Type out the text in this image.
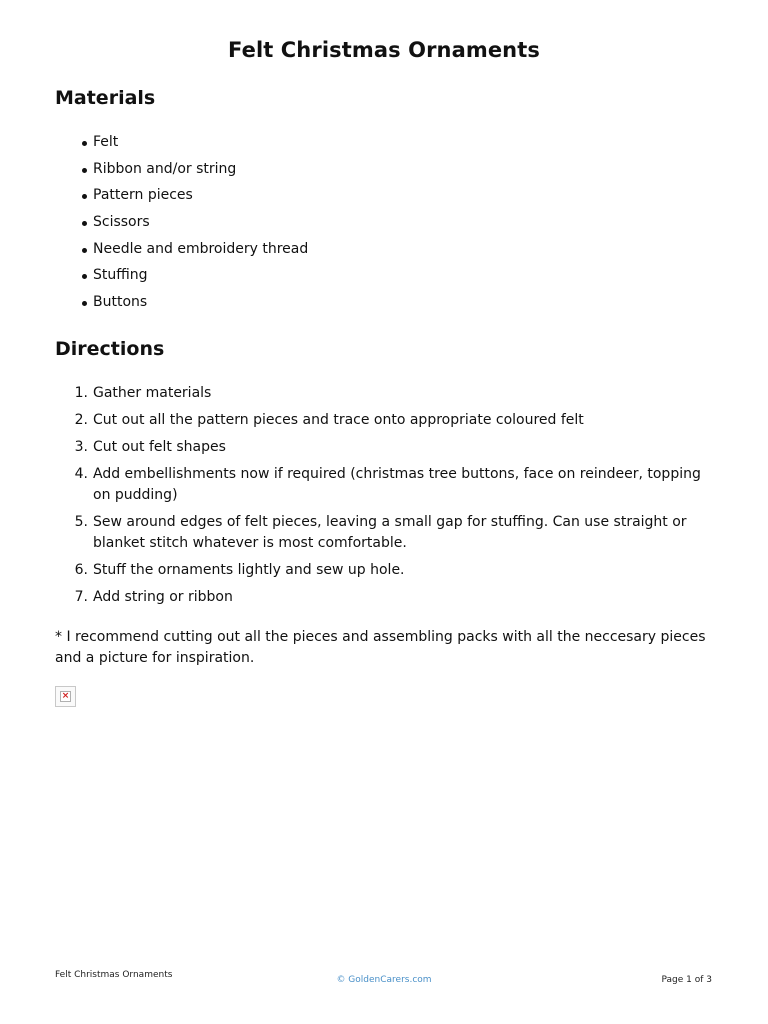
Felt Christmas Ornaments
Materials
Felt
Ribbon and/or string
Pattern pieces
Scissors
Needle and embroidery thread
Stuffing
Buttons
Directions
1. Gather materials
2. Cut out all the pattern pieces and trace onto appropriate coloured felt
3. Cut out felt shapes
4. Add embellishments now if required (christmas tree buttons, face on reindeer, topping on pudding)
5. Sew around edges of felt pieces, leaving a small gap for stuffing. Can use straight or blanket stitch whatever is most comfortable.
6. Stuff the ornaments lightly and sew up hole.
7. Add string or ribbon

* I recommend cutting out all the pieces and assembling packs with all the neccesary pieces and a picture for inspiration.

×
Felt Christmas Ornaments	© GoldenCarers.com	Page 1 of 3
